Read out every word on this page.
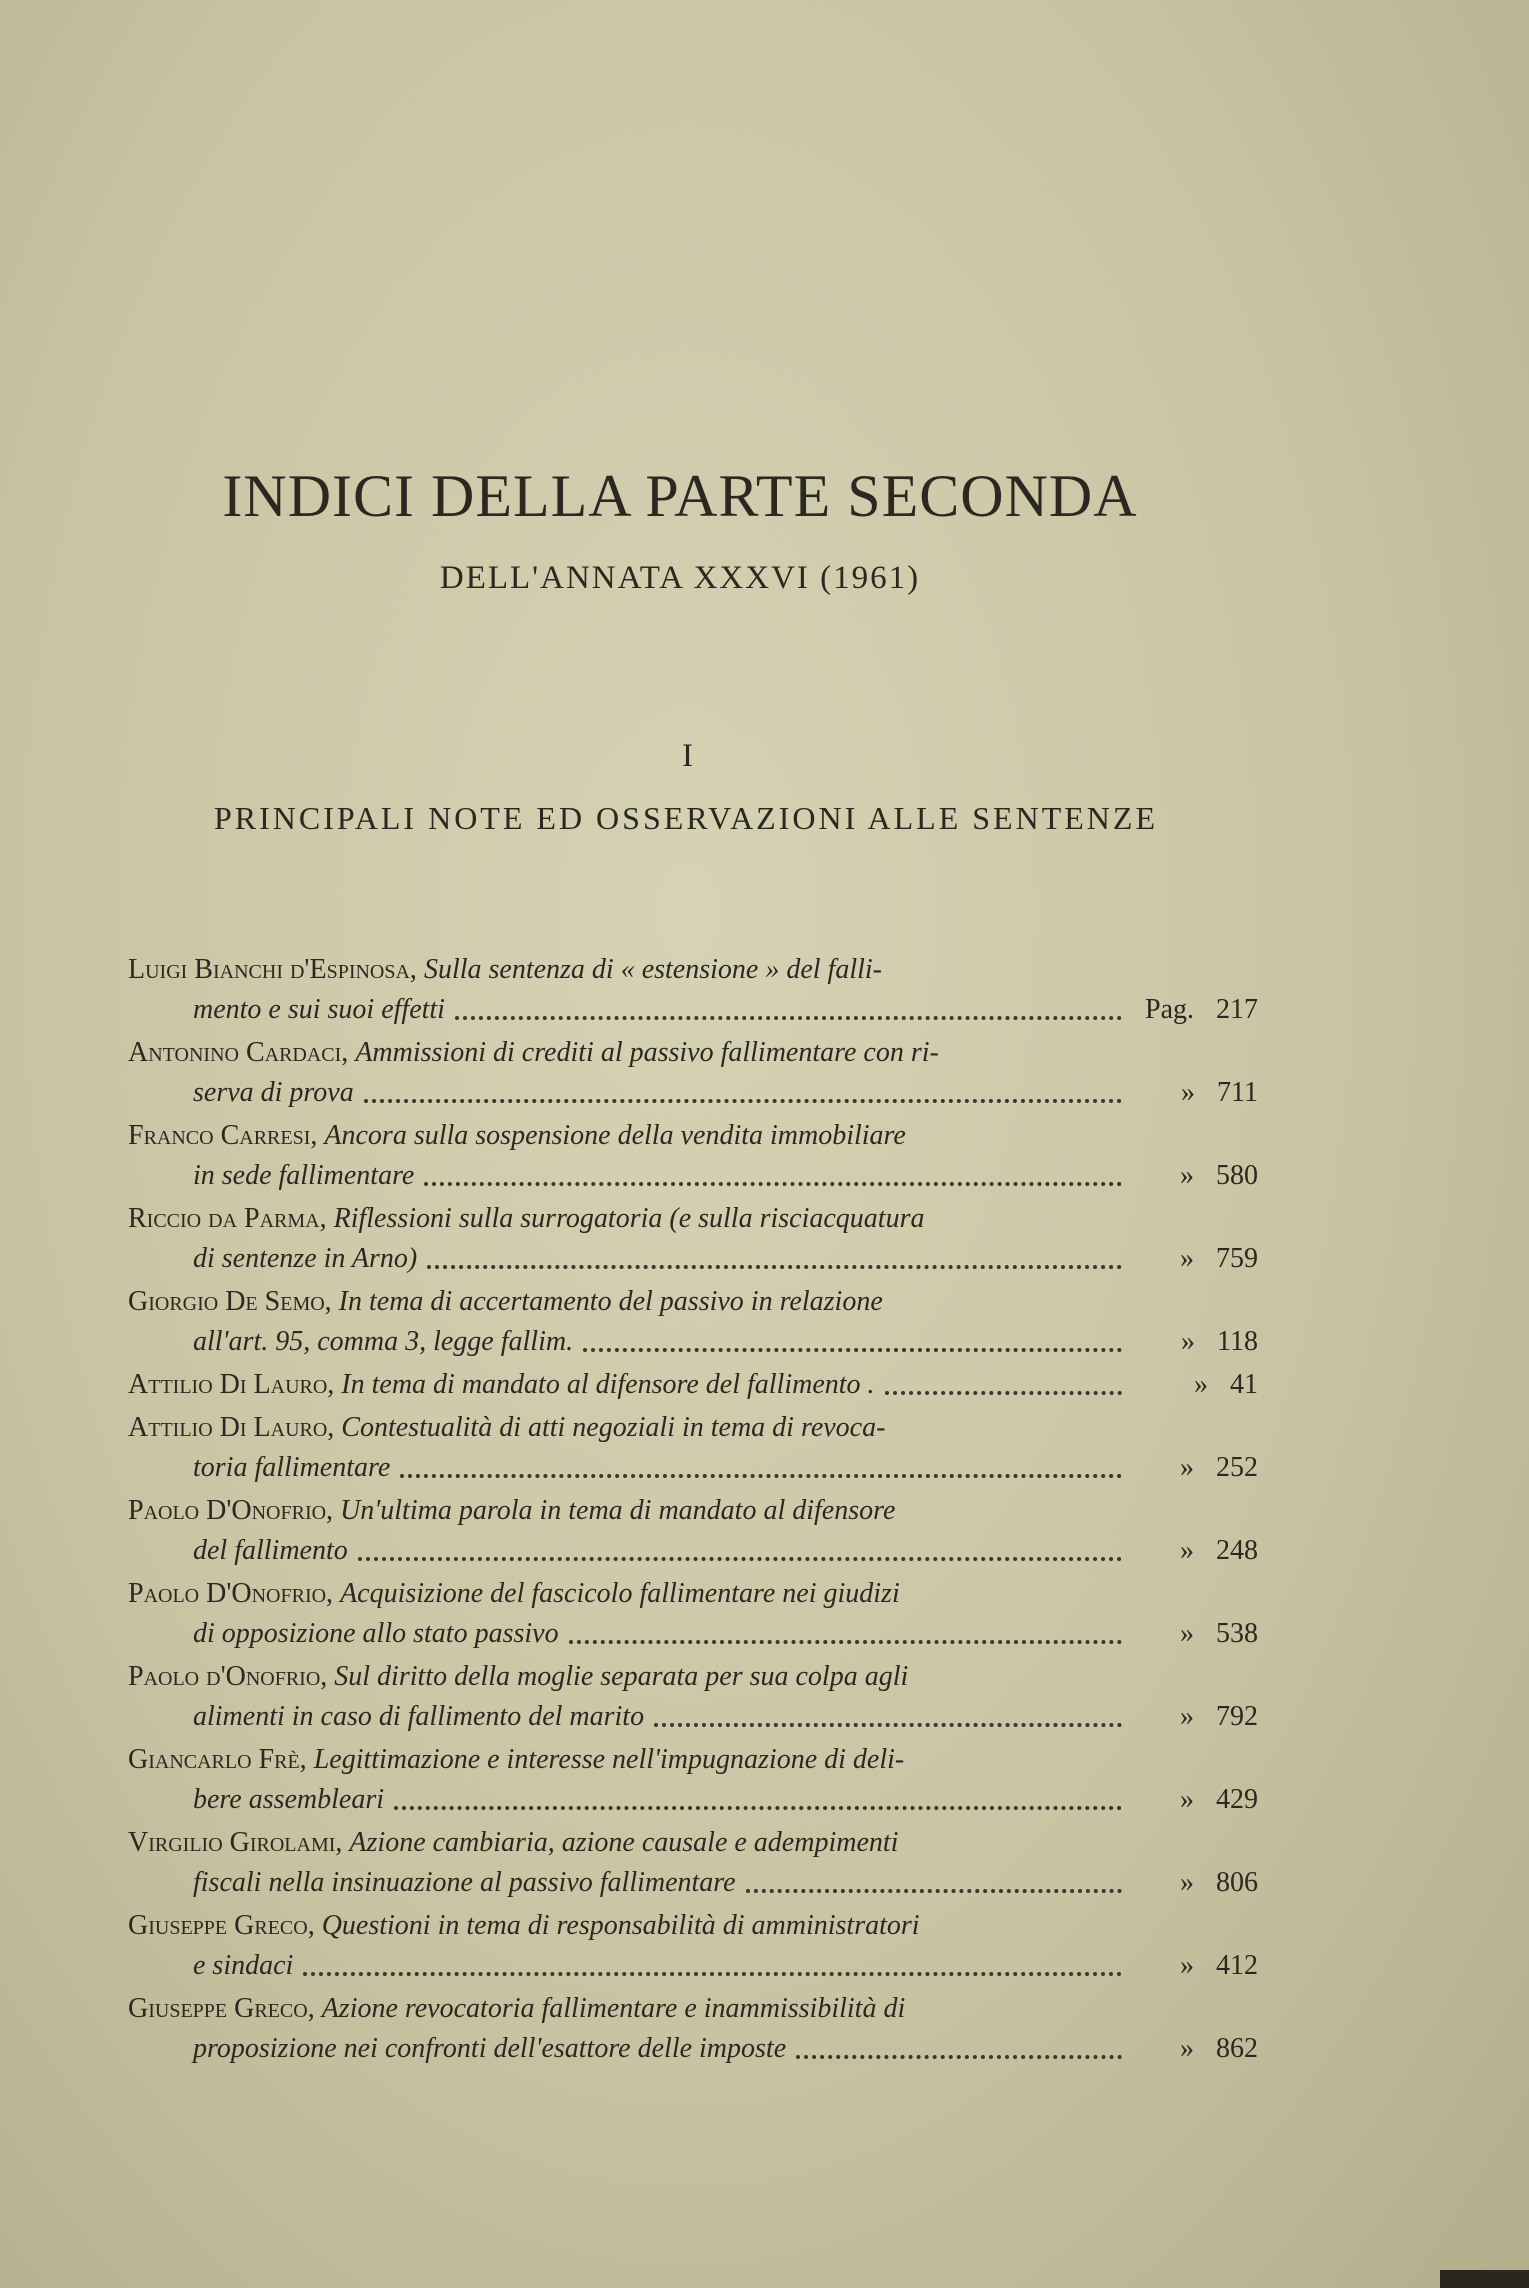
INDICI DELLA PARTE SECONDA
DELL'ANNATA XXXVI (1961)
I
PRINCIPALI NOTE ED OSSERVAZIONI ALLE SENTENZE
Luigi Bianchi d'Espinosa, Sulla sentenza di « estensione » del falli-
mento e sui suoi effetti	Pag. 217
Antonino Cardaci, Ammissioni di crediti al passivo fallimentare con ri-
serva di prova	» 711
Franco Carresi, Ancora sulla sospensione della vendita immobiliare
in sede fallimentare	» 580
Riccio da Parma, Riflessioni sulla surrogatoria (e sulla risciacquatura
di sentenze in Arno)	» 759
Giorgio De Semo, In tema di accertamento del passivo in relazione
all'art. 95, comma 3, legge fallim.	» 118
Attilio Di Lauro, In tema di mandato al difensore del fallimento .	» 41
Attilio Di Lauro, Contestualità di atti negoziali in tema di revoca-
toria fallimentare	» 252
Paolo D'Onofrio, Un'ultima parola in tema di mandato al difensore
del fallimento	» 248
Paolo D'Onofrio, Acquisizione del fascicolo fallimentare nei giudizi
di opposizione allo stato passivo	» 538
Paolo d'Onofrio, Sul diritto della moglie separata per sua colpa agli
alimenti in caso di fallimento del marito	» 792
Giancarlo Frè, Legittimazione e interesse nell'impugnazione di deli-
bere assembleari	» 429
Virgilio Girolami, Azione cambiaria, azione causale e adempimenti
fiscali nella insinuazione al passivo fallimentare	» 806
Giuseppe Greco, Questioni in tema di responsabilità di amministratori
e sindaci	» 412
Giuseppe Greco, Azione revocatoria fallimentare e inammissibilità di
proposizione nei confronti dell'esattore delle imposte	» 862
